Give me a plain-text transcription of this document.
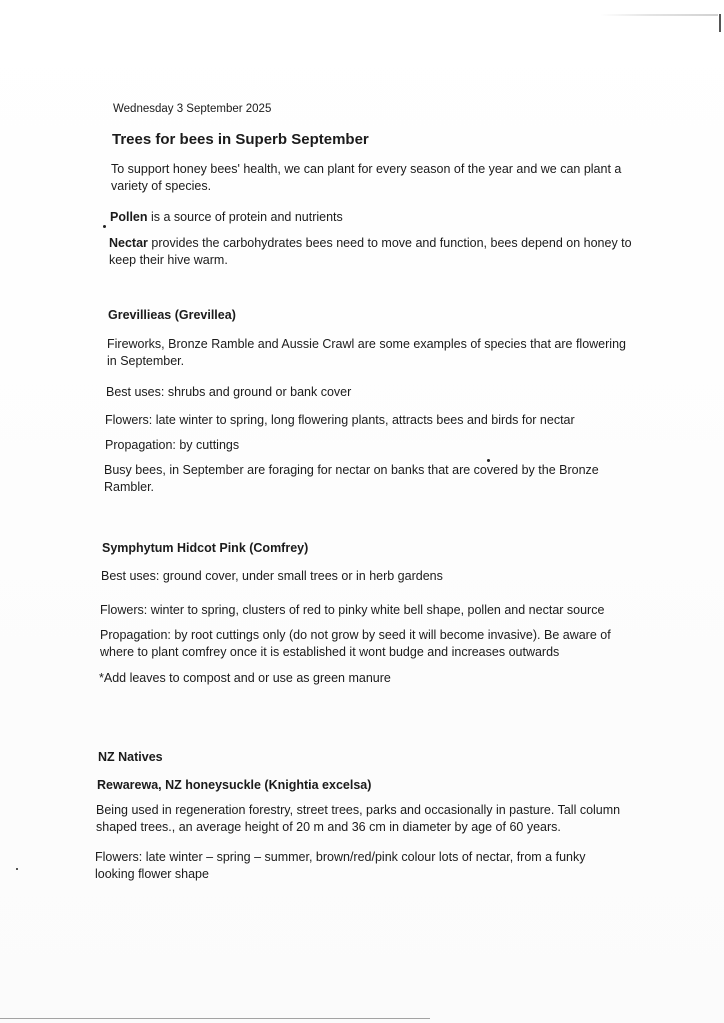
Wednesday 3 September 2025

Trees for bees in Superb September

To support honey bees' health, we can plant for every season of the year and we can plant a variety of species.

Pollen is a source of protein and nutrients

Nectar provides the carbohydrates bees need to move and function, bees depend on honey to keep their hive warm.

Grevillieas (Grevillea)

Fireworks, Bronze Ramble and Aussie Crawl are some examples of species that are flowering in September.

Best uses: shrubs and ground or bank cover

Flowers: late winter to spring, long flowering plants, attracts bees and birds for nectar

Propagation: by cuttings

Busy bees, in September are foraging for nectar on banks that are covered by the Bronze Rambler.

Symphytum Hidcot Pink (Comfrey)

Best uses: ground cover, under small trees or in herb gardens

Flowers: winter to spring, clusters of red to pinky white bell shape, pollen and nectar source

Propagation: by root cuttings only (do not grow by seed it will become invasive). Be aware of where to plant comfrey once it is established it wont budge and increases outwards

*Add leaves to compost and or use as green manure

NZ Natives

Rewarewa, NZ honeysuckle (Knightia excelsa)

Being used in regeneration forestry, street trees, parks and occasionally in pasture. Tall column shaped trees., an average height of 20 m and 36 cm in diameter by age of 60 years.

Flowers: late winter – spring – summer, brown/red/pink colour lots of nectar, from a funky looking flower shape
